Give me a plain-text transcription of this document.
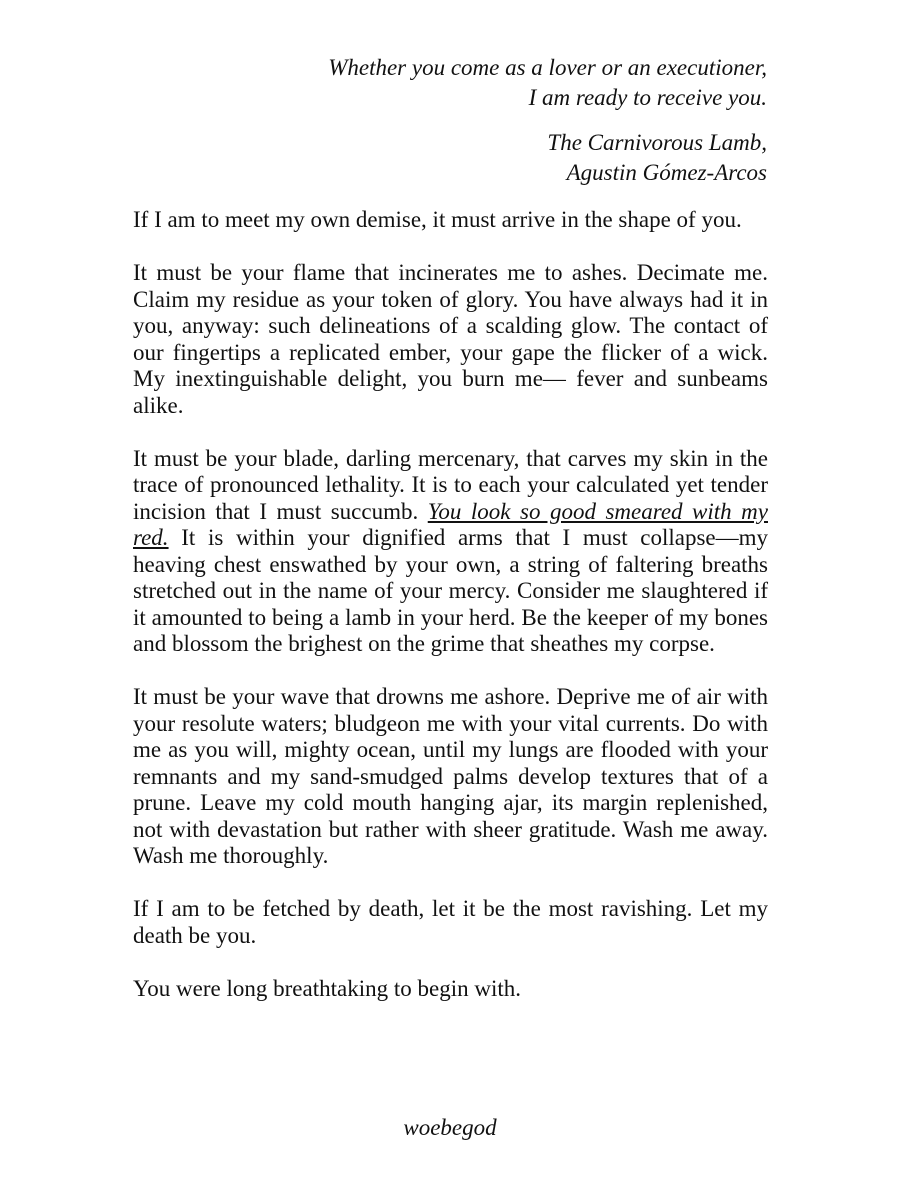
Whether you come as a lover or an executioner,
I am ready to receive you.
The Carnivorous Lamb,
Agustin Gómez-Arcos

If I am to meet my own demise, it must arrive in the shape of you.

It must be your flame that incinerates me to ashes. Decimate me. Claim my residue as your token of glory. You have always had it in you, anyway: such delineations of a scalding glow. The contact of our fingertips a replicated ember, your gape the flicker of a wick. My inextinguishable delight, you burn me— fever and sunbeams alike.

It must be your blade, darling mercenary, that carves my skin in the trace of pronounced lethality. It is to each your calculated yet tender incision that I must succumb. You look so good smeared with my red. It is within your dignified arms that I must collapse—my heaving chest enswathed by your own, a string of faltering breaths stretched out in the name of your mercy. Consider me slaughtered if it amounted to being a lamb in your herd. Be the keeper of my bones and blossom the brighest on the grime that sheathes my corpse.

It must be your wave that drowns me ashore. Deprive me of air with your resolute waters; bludgeon me with your vital currents. Do with me as you will, mighty ocean, until my lungs are flooded with your remnants and my sand-smudged palms develop textures that of a prune. Leave my cold mouth hanging ajar, its margin replenished, not with devastation but rather with sheer gratitude. Wash me away. Wash me thoroughly.

If I am to be fetched by death, let it be the most ravishing. Let my death be you.

You were long breathtaking to begin with.

woebegod
